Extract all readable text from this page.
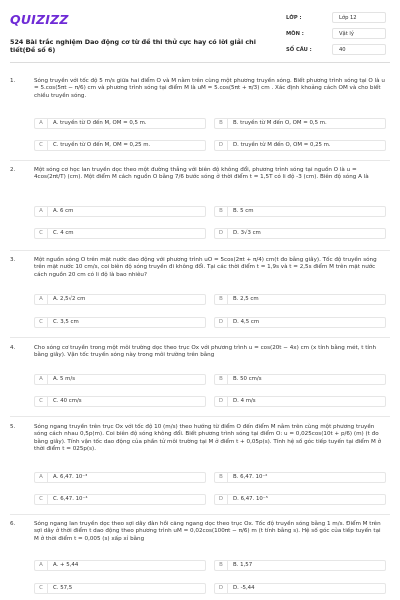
QUIZIZZ
524 Bài trắc nghiệm Dao động cơ từ đề thi thử cực hay có lời giải chi tiết(Đề số 6)
LỚP :	Lớp 12
MÔN :	Vật lý
SỐ CÂU :	40
1.	Sóng truyền với tốc độ 5 m/s giữa hai điểm O và M nằm trên cùng một phương truyền sóng. Biết phương trình sóng tại O là u = 5.cos(5πt − π/6) cm và phương trình sóng tại điểm M là uM = 5.cos(5πt + π/3) cm . Xác định khoảng cách OM và cho biết chiều truyền sóng.
A	A. truyền từ O đến M, OM = 0,5 m.	B	B. truyền từ M đến O, OM = 0,5 m.
C	C. truyền từ O đến M, OM = 0,25 m.	D	D. truyền từ M đến O, OM = 0,25 m.
2.	Một sóng cơ học lan truyền dọc theo một đường thẳng với biên độ không đổi, phương trình sóng tại nguồn O là u = 4cos(2πt/T) (cm). Một điểm M cách nguồn O bằng 7/6 bước sóng ở thời điểm t = 1,5T có li độ -3 (cm). Biên độ sóng A là
A	A. 6 cm	B	B. 5 cm
C	C. 4 cm	D	D. 3√3 cm
3.	Một nguồn sóng O trên mặt nước dao động với phương trình uO = 5cos(2πt + π/4) cm(t đo bằng giây). Tốc độ truyền sóng trên mặt nước 10 cm/s, coi biên độ sóng truyền đi không đổi. Tại các thời điểm t = 1,9s và t = 2,5s điểm M trên mặt nước cách nguồn 20 cm có li độ là bao nhiêu?
A	A. 2,5√2 cm	B	B. 2,5 cm
C	C. 3,5 cm	D	D. 4,5 cm
4.	Cho sóng cơ truyền trong một môi trường dọc theo trục Ox với phương trình u = cos(20t − 4x) cm (x tính bằng mét, t tính bằng giây). Vận tốc truyền sóng này trong môi trường trên bằng
A	A. 5 m/s	B	B. 50 cm/s
C	C. 40 cm/s	D	D. 4 m/s
5.	Sóng ngang truyền trên trục Ox với tốc độ 10 (m/s) theo hướng từ điểm O đến điểm M nằm trên cùng một phương truyền sóng cách nhau 0,5p(m). Coi biên độ sóng không đổi. Biết phương trình sóng tại điểm O: u = 0,025cos(10t + p/6) (m) (t đo bằng giây). Tính vận tốc dao động của phần tử môi trường tại M ở điểm t + 0,05p(s). Tính hệ số góc tiếp tuyến tại điểm M ở thời điểm t = 025p(s).
A	A. 6,47. 10⁻³	B	B. 6,47. 10⁻²
C	C. 6,47. 10⁻⁴	D	D. 6,47. 10⁻⁵
6.	Sóng ngang lan truyền dọc theo sợi dây đàn hồi căng ngang dọc theo trục Ox. Tốc độ truyền sóng bằng 1 m/s. Điểm M trên sợi dây ở thời điểm t dao động theo phương trình uM = 0,02cos(100πt − π/6) m (t tính bằng s). Hệ số góc của tiếp tuyến tại M ở thời điểm t = 0,005 (s) xấp xỉ bằng
A	A. + 5,44	B	B. 1,57
C	C. 57,5	D	D. -5,44
